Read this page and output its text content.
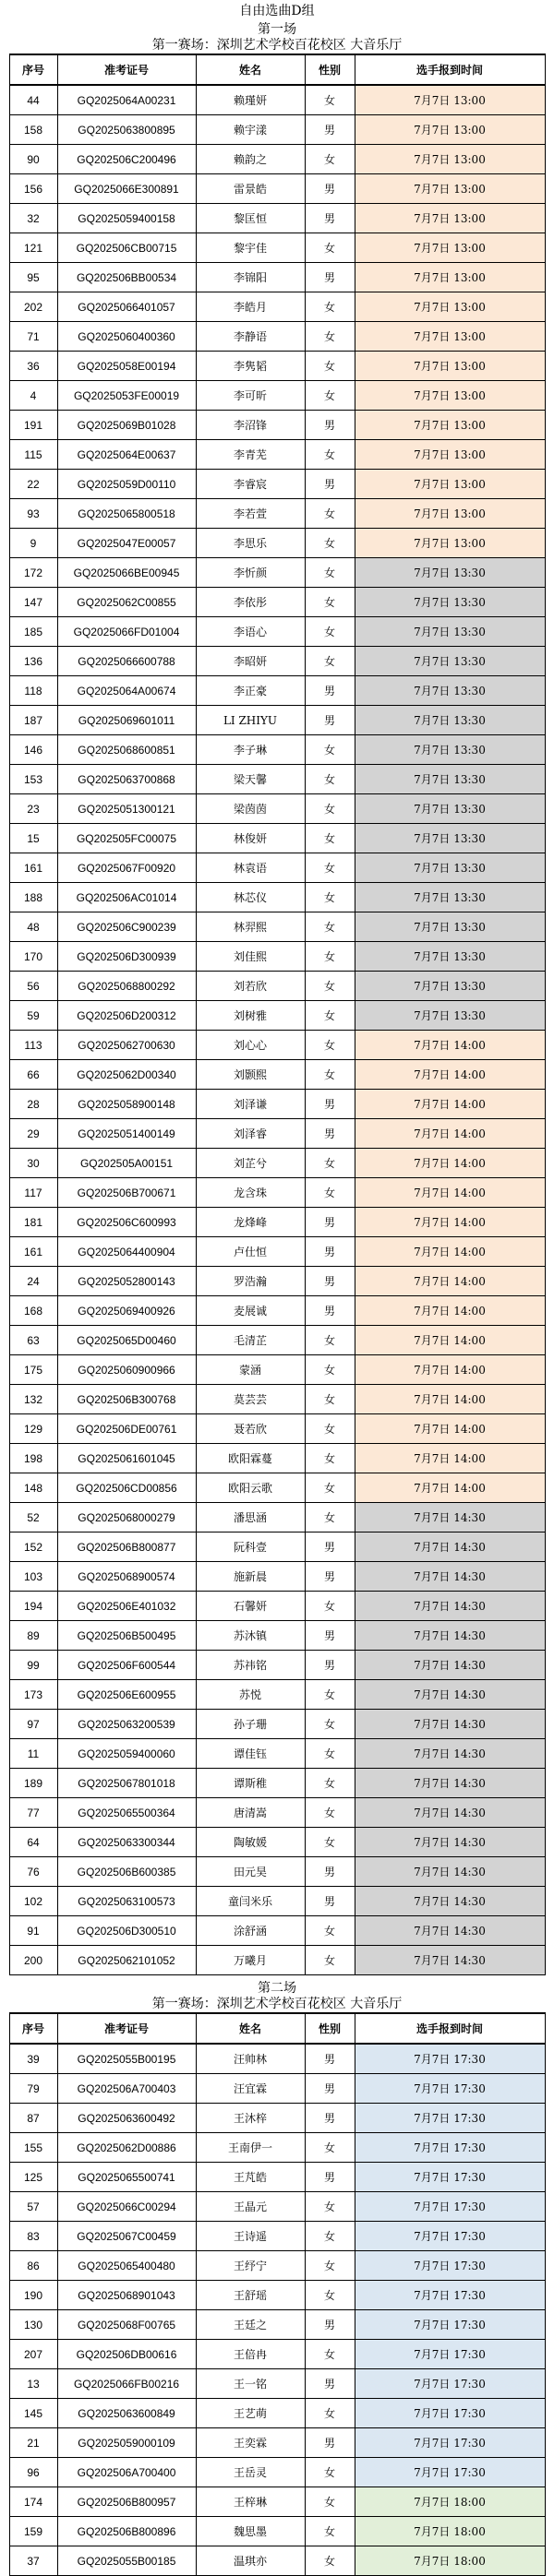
自由选曲D组
第一场
第一赛场：深圳艺术学校百花校区 大音乐厅
序号	准考证号	姓名	性别	选手报到时间
44	GQ2025064A00231	赖瑾妍	女	7月7日 13:00
158	GQ2025063800895	赖宇漾	男	7月7日 13:00
90	GQ202506C200496	赖韵之	女	7月7日 13:00
156	GQ2025066E300891	雷景皓	男	7月7日 13:00
32	GQ2025059400158	黎匡恒	男	7月7日 13:00
121	GQ202506CB00715	黎宇佳	女	7月7日 13:00
95	GQ202506BB00534	李锦阳	男	7月7日 13:00
202	GQ2025066401057	李皓月	女	7月7日 13:00
71	GQ2025060400360	李静语	女	7月7日 13:00
36	GQ2025058E00194	李隽韬	女	7月7日 13:00
4	GQ2025053FE00019	李可昕	女	7月7日 13:00
191	GQ2025069B01028	李沼锋	男	7月7日 13:00
115	GQ2025064E00637	李青芜	女	7月7日 13:00
22	GQ2025059D00110	李睿宸	男	7月7日 13:00
93	GQ2025065800518	李若萱	女	7月7日 13:00
9	GQ2025047E00057	李思乐	女	7月7日 13:00
172	GQ2025066BE00945	李忻颜	女	7月7日 13:30
147	GQ2025062C00855	李依彤	女	7月7日 13:30
185	GQ2025066FD01004	李语心	女	7月7日 13:30
136	GQ2025066600788	李昭妍	女	7月7日 13:30
118	GQ2025064A00674	李正豪	男	7月7日 13:30
187	GQ2025069601011	LI ZHIYU	男	7月7日 13:30
146	GQ2025068600851	李子琳	女	7月7日 13:30
153	GQ2025063700868	梁天馨	女	7月7日 13:30
23	GQ2025051300121	梁茵茵	女	7月7日 13:30
15	GQ202505FC00075	林俊妍	女	7月7日 13:30
161	GQ2025067F00920	林袁语	女	7月7日 13:30
188	GQ202506AC01014	林芯仪	女	7月7日 13:30
48	GQ202506C900239	林羿熙	女	7月7日 13:30
170	GQ202506D300939	刘佳熙	女	7月7日 13:30
56	GQ2025068800292	刘若欣	女	7月7日 13:30
59	GQ202506D200312	刘树雅	女	7月7日 13:30
113	GQ2025062700630	刘心心	女	7月7日 14:00
66	GQ2025062D00340	刘颢熙	女	7月7日 14:00
28	GQ2025058900148	刘泽谦	男	7月7日 14:00
29	GQ2025051400149	刘泽睿	男	7月7日 14:00
30	GQ202505A00151	刘芷兮	女	7月7日 14:00
117	GQ202506B700671	龙含珠	女	7月7日 14:00
181	GQ202506C600993	龙烽峰	男	7月7日 14:00
161	GQ2025064400904	卢仕恒	男	7月7日 14:00
24	GQ2025052800143	罗浩瀚	男	7月7日 14:00
168	GQ2025069400926	麦展诚	男	7月7日 14:00
63	GQ2025065D00460	毛清芷	女	7月7日 14:00
175	GQ2025060900966	蒙涵	女	7月7日 14:00
132	GQ202506B300768	莫芸芸	女	7月7日 14:00
129	GQ202506DE00761	聂若欣	女	7月7日 14:00
198	GQ2025061601045	欧阳霖蔓	女	7月7日 14:00
148	GQ202506CD00856	欧阳云歌	女	7月7日 14:00
52	GQ2025068000279	潘思涵	女	7月7日 14:30
152	GQ202506B800877	阮科壹	男	7月7日 14:30
103	GQ2025068900574	施新晨	男	7月7日 14:30
194	GQ202506E401032	石馨妍	女	7月7日 14:30
89	GQ202506B500495	苏沐镇	男	7月7日 14:30
99	GQ202506F600544	苏祎铭	男	7月7日 14:30
173	GQ202506E600955	苏悦	女	7月7日 14:30
97	GQ2025063200539	孙子珊	女	7月7日 14:30
11	GQ2025059400060	谭佳钰	女	7月7日 14:30
189	GQ2025067801018	谭斯稚	女	7月7日 14:30
77	GQ2025065500364	唐清嵩	女	7月7日 14:30
64	GQ2025063300344	陶敏媛	女	7月7日 14:30
76	GQ202506B600385	田元昊	男	7月7日 14:30
102	GQ2025063100573	童闫米乐	男	7月7日 14:30
91	GQ202506D300510	涂舒涵	女	7月7日 14:30
200	GQ2025062101052	万曦月	女	7月7日 14:30
第二场
第一赛场：深圳艺术学校百花校区 大音乐厅
序号	准考证号	姓名	性别	选手报到时间
39	GQ2025055B00195	汪帅林	男	7月7日 17:30
79	GQ202506A700403	汪宜霖	男	7月7日 17:30
87	GQ2025063600492	王沐梓	男	7月7日 17:30
155	GQ2025062D00886	王南伊一	女	7月7日 17:30
125	GQ2025065500741	王芃皓	男	7月7日 17:30
57	GQ2025066C00294	王晶元	女	7月7日 17:30
83	GQ2025067C00459	王诗遥	女	7月7日 17:30
86	GQ2025065400480	王纾宁	女	7月7日 17:30
190	GQ2025068901043	王舒瑶	女	7月7日 17:30
130	GQ2025068F00765	王廷之	男	7月7日 17:30
207	GQ202506DB00616	王倍冉	女	7月7日 17:30
13	GQ2025066FB00216	王一铭	男	7月7日 17:30
145	GQ2025063600849	王艺萌	女	7月7日 17:30
21	GQ2025059000109	王奕霖	男	7月7日 17:30
96	GQ202506A700400	王岳灵	女	7月7日 17:30
174	GQ202506B800957	王梓琳	女	7月7日 18:00
159	GQ202506B800896	魏思墨	女	7月7日 18:00
37	GQ2025055B00185	温琪亦	女	7月7日 18:00
